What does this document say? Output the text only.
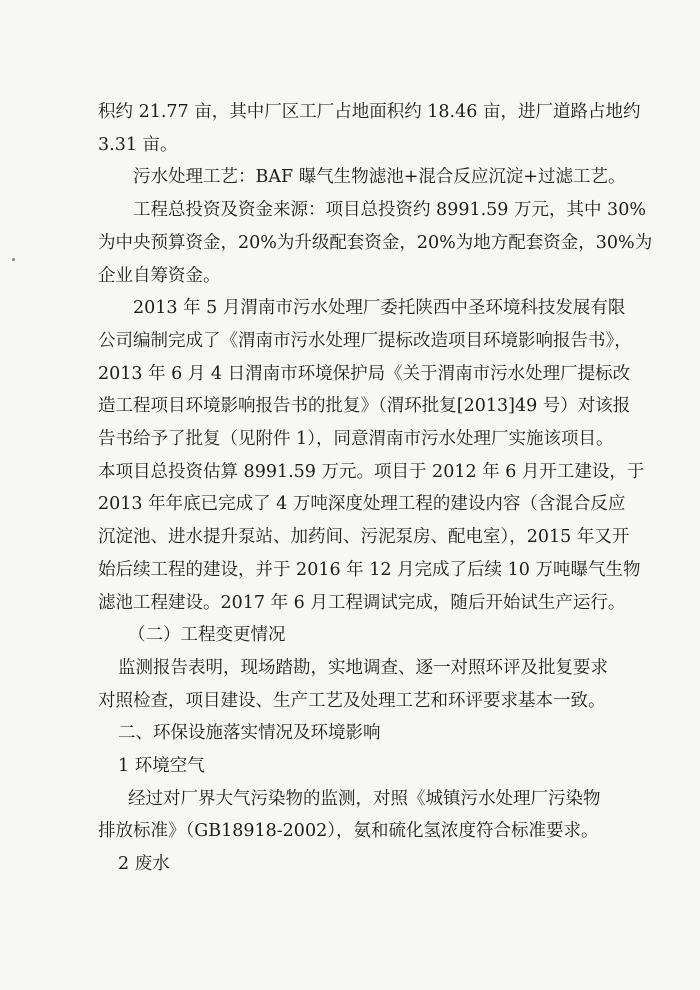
积约 21.77 亩，其中厂区工厂占地面积约 18.46 亩，进厂道路占地约
3.31 亩。
污水处理工艺：BAF 曝气生物滤池+混合反应沉淀+过滤工艺。
工程总投资及资金来源：项目总投资约 8991.59 万元，其中 30%
为中央预算资金，20%为升级配套资金，20%为地方配套资金，30%为
企业自筹资金。
2013 年 5 月渭南市污水处理厂委托陕西中圣环境科技发展有限
公司编制完成了《渭南市污水处理厂提标改造项目环境影响报告书》，
2013 年 6 月 4 日渭南市环境保护局《关于渭南市污水处理厂提标改
造工程项目环境影响报告书的批复》（渭环批复[2013]49 号）对该报
告书给予了批复（见附件 1），同意渭南市污水处理厂实施该项目。
本项目总投资估算 8991.59 万元。项目于 2012 年 6 月开工建设，于
2013 年年底已完成了 4 万吨深度处理工程的建设内容（含混合反应
沉淀池、进水提升泵站、加药间、污泥泵房、配电室），2015 年又开
始后续工程的建设，并于 2016 年 12 月完成了后续 10 万吨曝气生物
滤池工程建设。2017 年 6 月工程调试完成，随后开始试生产运行。
（二）工程变更情况
监测报告表明，现场踏勘，实地调查、逐一对照环评及批复要求
对照检查，项目建设、生产工艺及处理工艺和环评要求基本一致。
二、环保设施落实情况及环境影响
1 环境空气
经过对厂界大气污染物的监测，对照《城镇污水处理厂污染物
排放标准》（GB18918-2002），氨和硫化氢浓度符合标准要求。
2 废水
